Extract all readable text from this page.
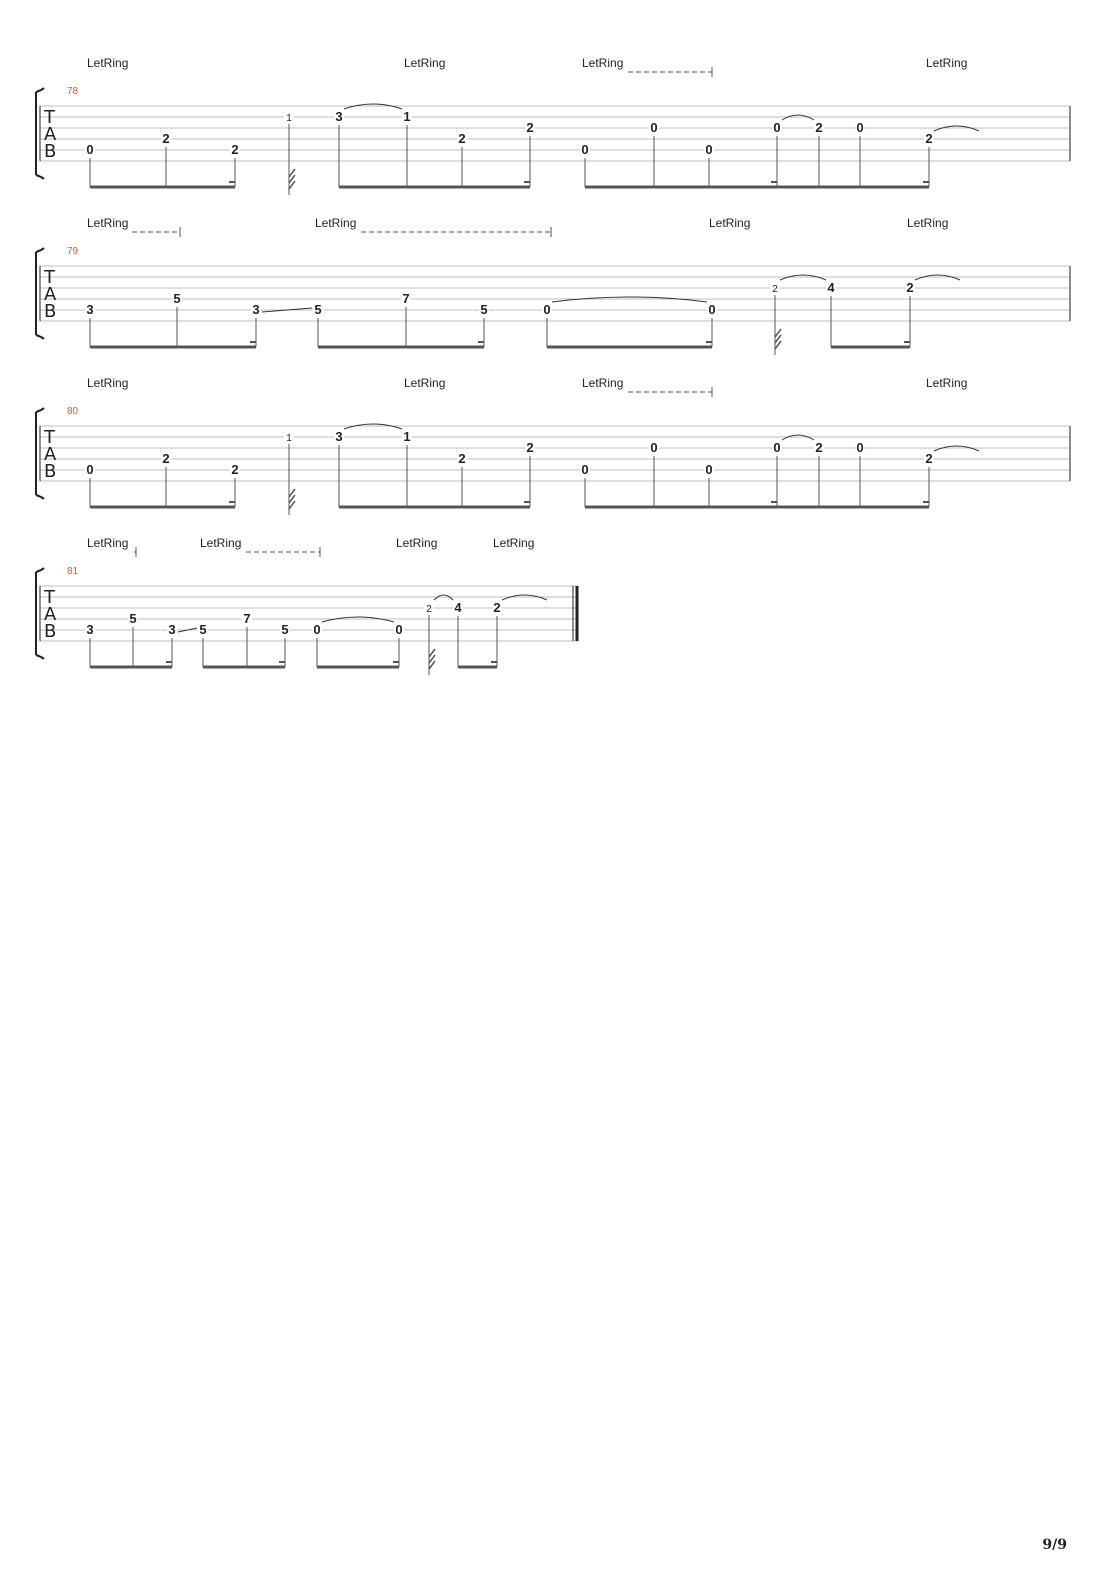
T
A
B
78
LetRing	LetRing	LetRing	LetRing
0
2
2
1	3	1
2
2
0
0
0
0	2	0
2
T
A
B
79
LetRing	LetRing	LetRing	LetRing
3
5
3	5
7
5	0	0
2	4	2
T
A
B
80
LetRing	LetRing	LetRing	LetRing
0
2
2
1	3	1
2
2
0
0
0
0	2	0
2
T
A
B
81
LetRing	LetRing	LetRing	LetRing
3
5
3 5
7
5 0	0
2 4 2
9/9
